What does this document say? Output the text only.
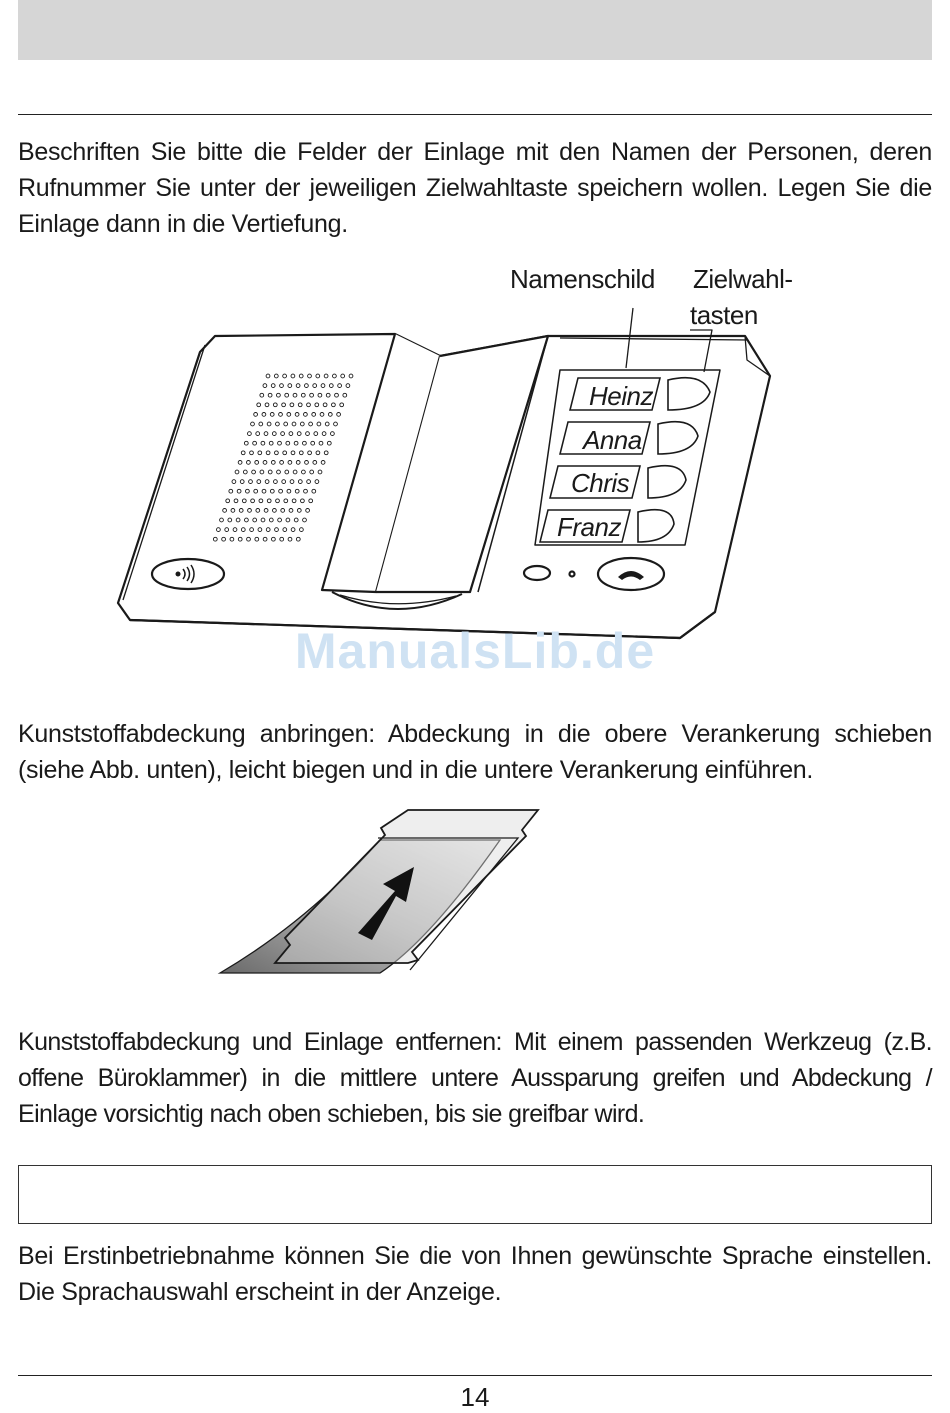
Beschriften Sie bitte die Felder der Einlage mit den Namen der Personen, deren Rufnummer Sie unter der jeweiligen Zielwahltaste speichern wollen. Legen Sie die Einlage dann in die Vertiefung.
Namenschild Zielwahl-
tasten
Heinz
Anna
Chris
Franz
ManualsLib.de
Kunststoffabdeckung anbringen: Abdeckung in die obere Verankerung schieben (siehe Abb. unten), leicht biegen und in die untere Verankerung einführen.
Kunststoffabdeckung und Einlage entfernen: Mit einem passenden Werkzeug (z.B. offene Büroklammer) in die mittlere untere Aussparung greifen und Abdeckung / Einlage vorsichtig nach oben schieben, bis sie greifbar wird.
Bei Erstinbetriebnahme können Sie die von Ihnen gewünschte Sprache einstellen. Die Sprachauswahl erscheint in der Anzeige.
14
